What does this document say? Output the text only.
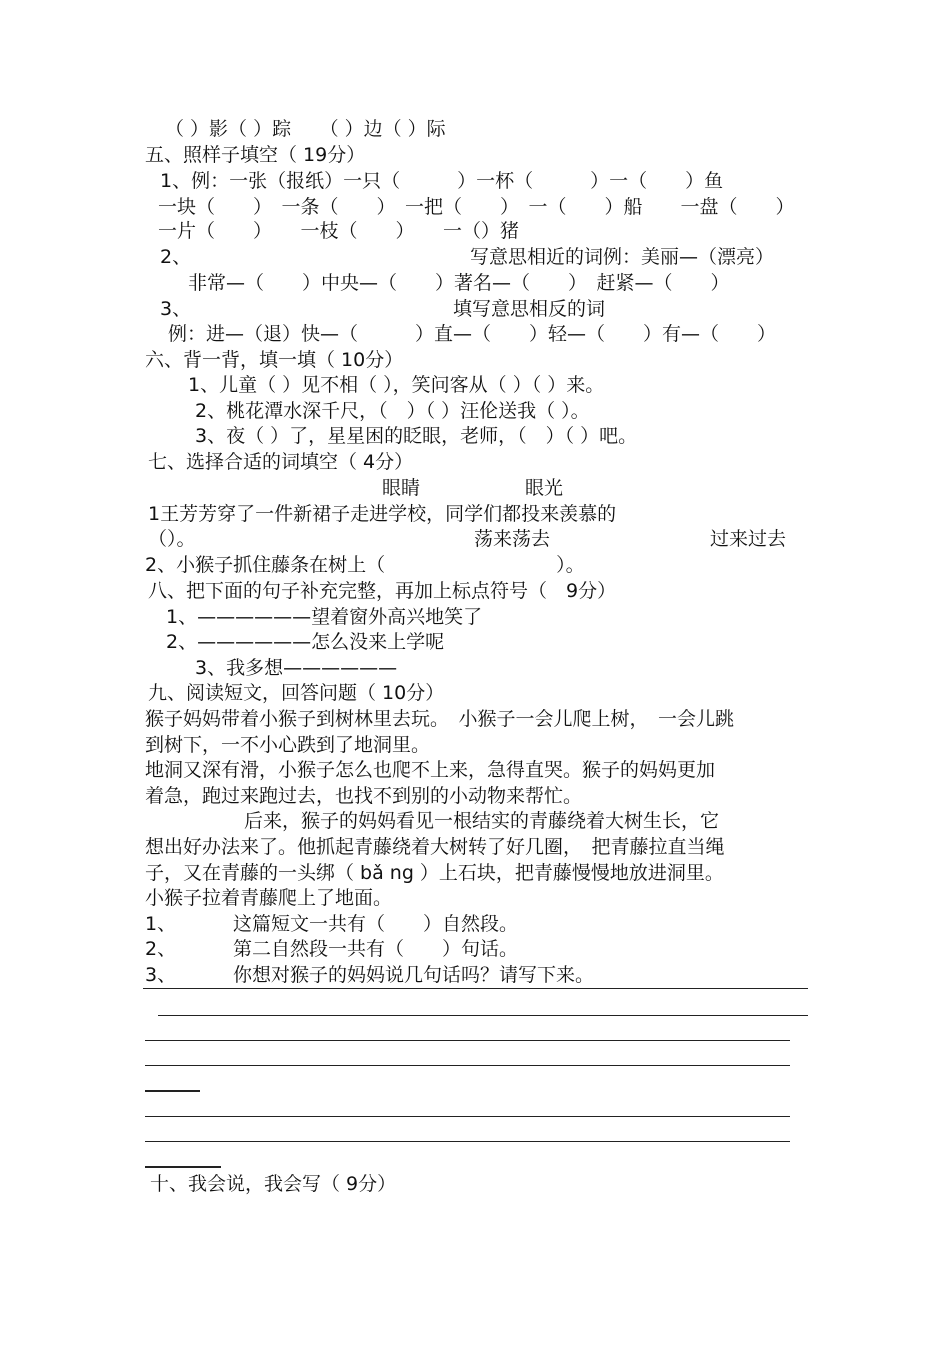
（ ）影（ ）踪　　（ ）边（ ）际
五、照样子填空（ 19分）
1、例：一张（报纸）一只（　　　）一杯（　　　）一（　　）鱼
一块（　　）　一条（　　）　一把（　　）　一（　　）船　　一盘（　　）
一片（　　）　　一枝（　　）　　一（）猪
2、	写意思相近的词例：美丽—（漂亮）
非常—（　　）中央—（　　）著名—（　　）　赶紧—（　　）
3、	填写意思相反的词
例：进—（退）快—（　　　）直—（　　）轻—（　　）有—（　　）
六、背一背，填一填（ 10分）
1、儿童（ ）见不相（ ），笑问客从（ ）（ ）来。
2、桃花潭水深千尺，（　）（ ）汪伦送我（ ）。
3、夜（ ）了，星星困的眨眼，老师，（　）（ ）吧。
七、选择合适的词填空（ 4分）
眼睛	眼光
1王芳芳穿了一件新裙子走进学校，同学们都投来羡慕的
（）。	荡来荡去	过来过去
2、小猴子抓住藤条在树上（　　　　　　　　　）。
八、把下面的句子补充完整，再加上标点符号（　9分）
1、——————望着窗外高兴地笑了
2、——————怎么没来上学呢
3、我多想——————
九、阅读短文，回答问题（ 10分）
猴子妈妈带着小猴子到树林里去玩。　小猴子一会儿爬上树，　一会儿跳
到树下，一不小心跌到了地洞里。
地洞又深有滑，小猴子怎么也爬不上来，急得直哭。猴子的妈妈更加
着急，跑过来跑过去，也找不到别的小动物来帮忙。
后来，猴子的妈妈看见一根结实的青藤绕着大树生长，它
想出好办法来了。他抓起青藤绕着大树转了好几圈，　把青藤拉直当绳
子，又在青藤的一头绑（ bǎ ng ）上石块，把青藤慢慢地放进洞里。
小猴子拉着青藤爬上了地面。
1、	这篇短文一共有（　　）自然段。
2、	第二自然段一共有（　　）句话。
3、	你想对猴子的妈妈说几句话吗？请写下来。
十、我会说，我会写（ 9分）
